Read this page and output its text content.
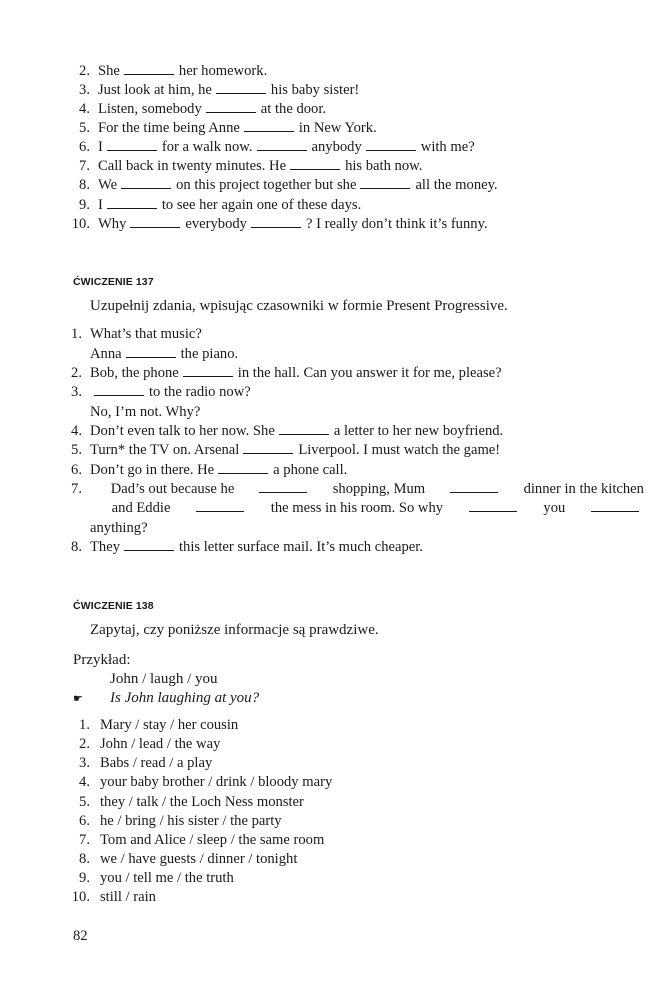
2. She	her homework.
3. Just look at him, he	his baby sister!
4. Listen, somebody	at the door.
5. For the time being Anne	in New York.
6. I	for a walk now.	anybody	with me?
7. Call back in twenty minutes. He	his bath now.
8. We	on this project together but she	all the money.
9. I	to see her again one of these days.
10. Why	everybody	? I really don’t think it’s funny.
ĆWICZENIE 137
Uzupełnij zdania, wpisując czasowniki w formie Present Progressive.
1. What’s that music?
Anna	the piano.
2. Bob, the phone	in the hall. Can you answer it for me, please?
3.	to the radio now?
No, I’m not. Why?
4. Don’t even talk to her now. She	a letter to her new boyfriend.
5. Turn* the TV on. Arsenal	Liverpool. I must watch the game!
6. Don’t go in there. He	a phone call.
7. Dad’s out because he	shopping, Mum	dinner in the kitchen
and Eddie	the mess in his room. So why	you
anything?
8. They	this letter surface mail. It’s much cheaper.
ĆWICZENIE 138
Zapytaj, czy poniższe informacje są prawdziwe.
Przykład:
John / laugh / you
☛ Is John laughing at you?
1. Mary / stay / her cousin
2. John / lead / the way
3. Babs / read / a play
4. your baby brother / drink / bloody mary
5. they / talk / the Loch Ness monster
6. he / bring / his sister / the party
7. Tom and Alice / sleep / the same room
8. we / have guests / dinner / tonight
9. you / tell me / the truth
10. still / rain
82
